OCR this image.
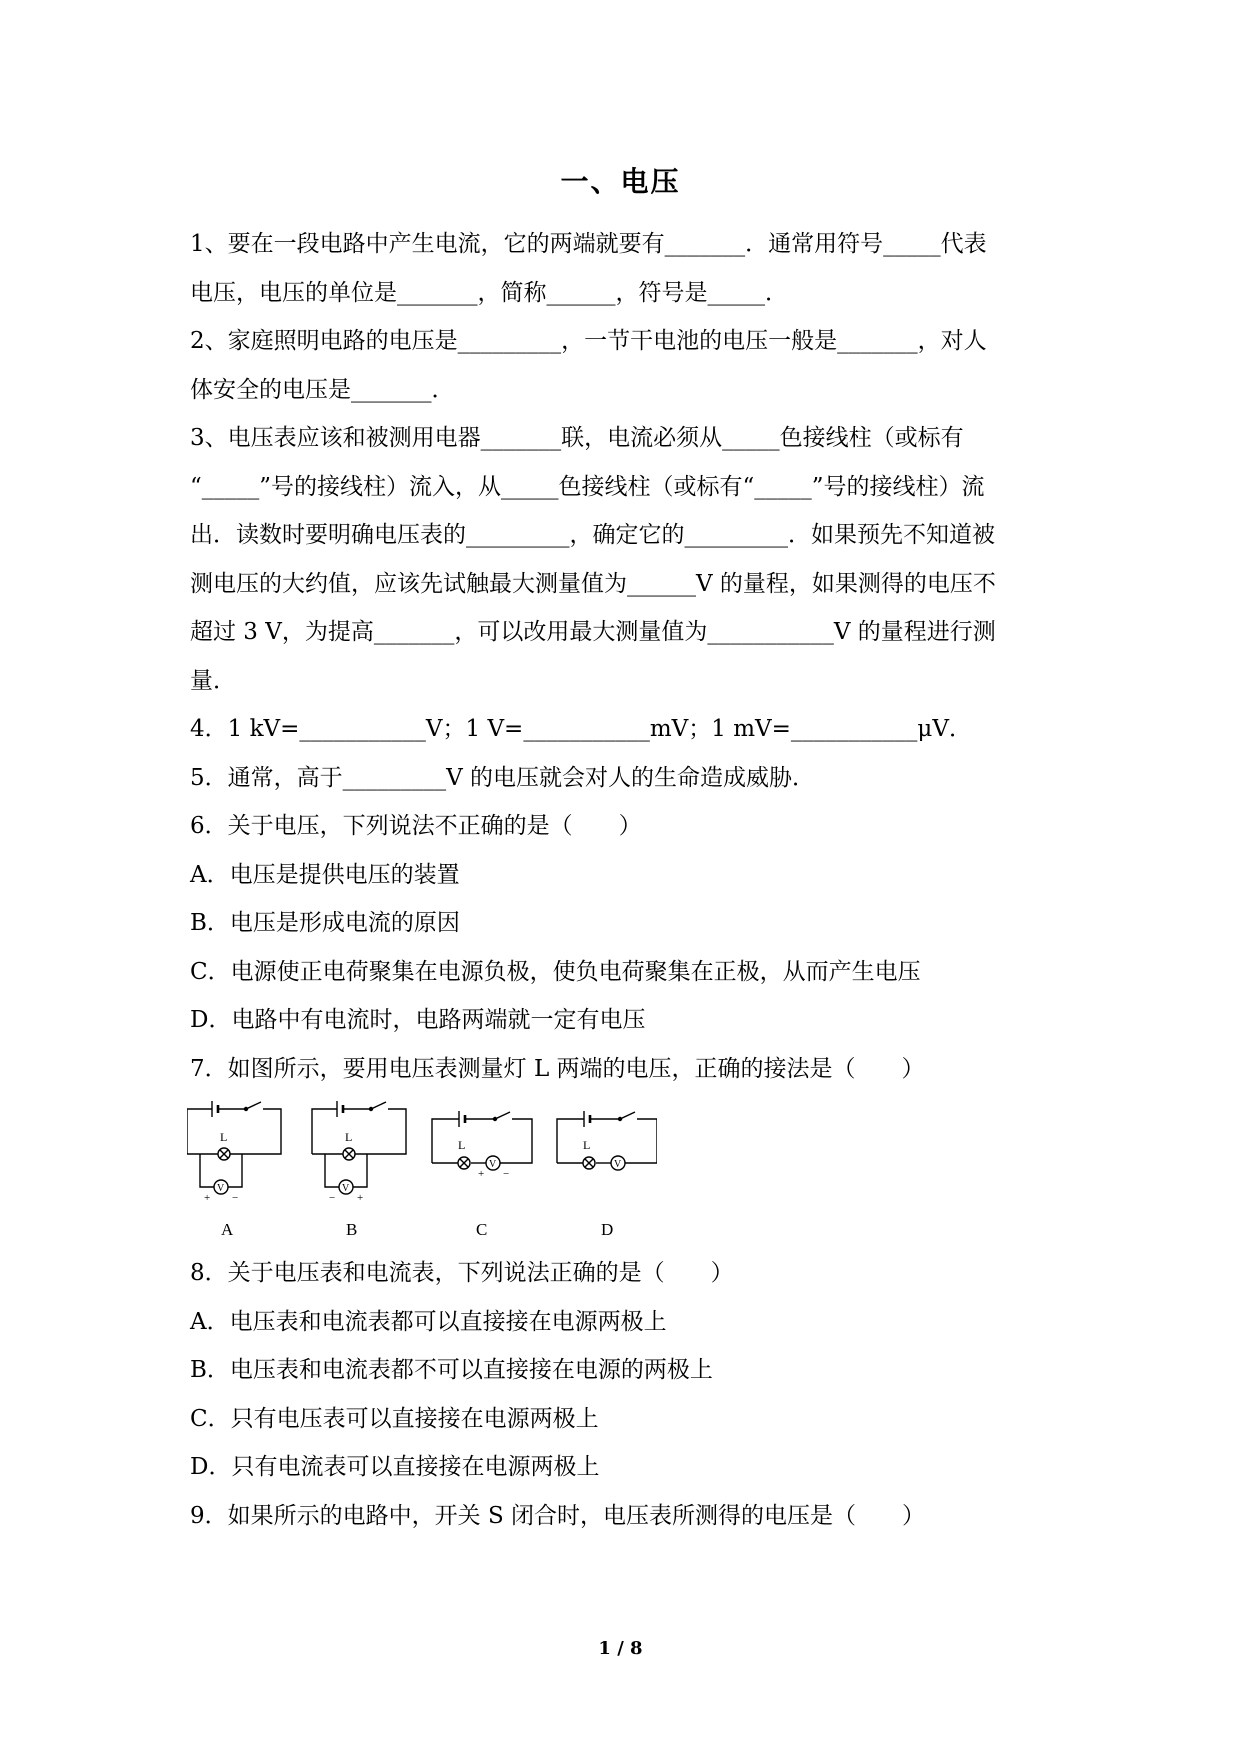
一、电压
1、要在一段电路中产生电流，它的两端就要有_______．通常用符号_____代表
电压，电压的单位是_______，简称______，符号是_____．
2、家庭照明电路的电压是_________，一节干电池的电压一般是_______，对人
体安全的电压是_______．
3、电压表应该和被测用电器_______联，电流必须从_____色接线柱（或标有
“_____”号的接线柱）流入，从_____色接线柱（或标有“_____”号的接线柱）流
出．读数时要明确电压表的_________，确定它的_________．如果预先不知道被
测电压的大约值，应该先试触最大测量值为______V 的量程，如果测得的电压不
超过 3 V，为提高_______，可以改用最大测量值为___________V 的量程进行测
量．
4．1 kV=___________V；1 V=___________mV；1 mV=___________μV．
5．通常，高于_________V 的电压就会对人的生命造成威胁．
6．关于电压，下列说法不正确的是（　　）
A．电压是提供电压的装置
B．电压是形成电流的原因
C．电源使正电荷聚集在电源负极，使负电荷聚集在正极，从而产生电压
D．电路中有电流时，电路两端就一定有电压
7．如图所示，要用电压表测量灯 L 两端的电压，正确的接法是（　　）
L
V
+ −
A
L
V
− +
B
L
V
+ −
C
L
V
D
8．关于电压表和电流表，下列说法正确的是（　　）
A．电压表和电流表都可以直接接在电源两极上
B．电压表和电流表都不可以直接接在电源的两极上
C．只有电压表可以直接接在电源两极上
D．只有电流表可以直接接在电源两极上
9．如果所示的电路中，开关 S 闭合时，电压表所测得的电压是（　　）
1 / 8
